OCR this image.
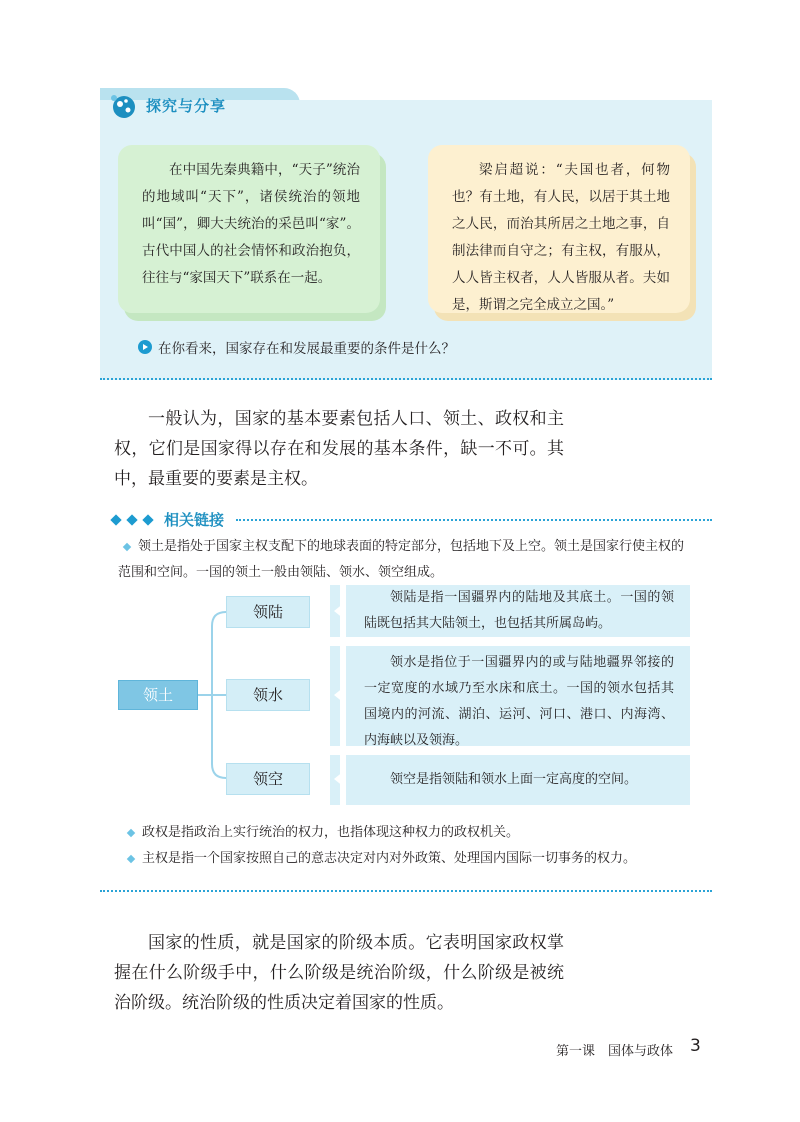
探究与分享
在中国先秦典籍中，“天子”统治的地域叫“天下”，诸侯统治的领地叫“国”，卿大夫统治的采邑叫“家”。古代中国人的社会情怀和政治抱负，往往与“家国天下”联系在一起。
梁启超说：“夫国也者，何物也？有土地，有人民，以居于其土地之人民，而治其所居之土地之事，自制法律而自守之；有主权，有服从，人人皆主权者，人人皆服从者。夫如是，斯谓之完全成立之国。”
在你看来，国家存在和发展最重要的条件是什么？
一般认为，国家的基本要素包括人口、领土、政权和主权，它们是国家得以存在和发展的基本条件，缺一不可。其中，最重要的要素是主权。
相关链接
领土是指处于国家主权支配下的地球表面的特定部分，包括地下及上空。领土是国家行使主权的范围和空间。一国的领土一般由领陆、领水、领空组成。
领土
领陆
领陆是指一国疆界内的陆地及其底土。一国的领陆既包括其大陆领土，也包括其所属岛屿。
领水
领水是指位于一国疆界内的或与陆地疆界邻接的一定宽度的水域乃至水床和底土。一国的领水包括其国境内的河流、湖泊、运河、河口、港口、内海湾、内海峡以及领海。
领空	领空是指领陆和领水上面一定高度的空间。
政权是指政治上实行统治的权力，也指体现这种权力的政权机关。
主权是指一个国家按照自己的意志决定对内对外政策、处理国内国际一切事务的权力。
国家的性质，就是国家的阶级本质。它表明国家政权掌握在什么阶级手中，什么阶级是统治阶级，什么阶级是被统治阶级。统治阶级的性质决定着国家的性质。
第一课　国体与政体 3
